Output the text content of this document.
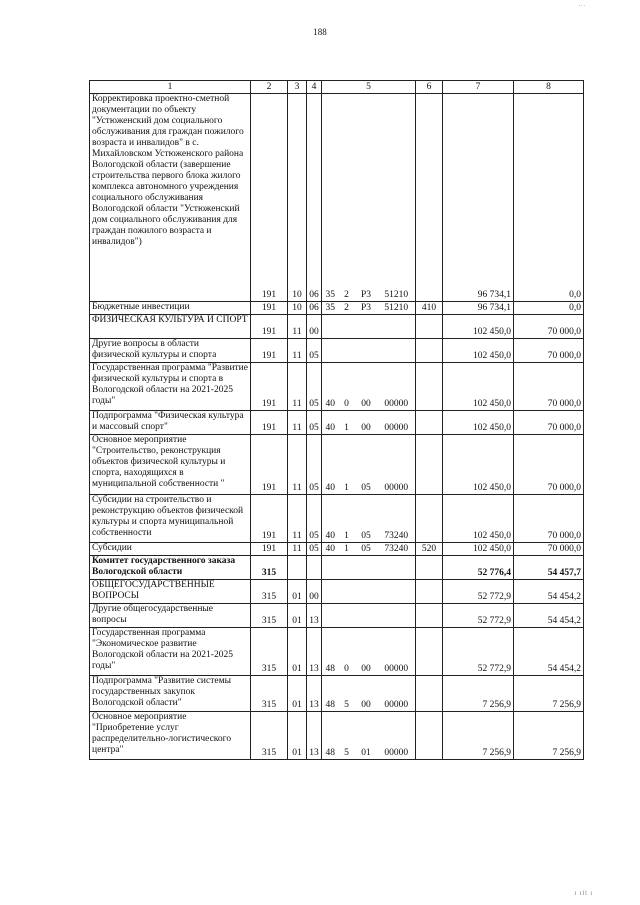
188
...
i ill i
1	2	3	4	5				6	7	8
Корректировка проектно-сметной документации по объекту "Устюженский дом социального обслуживания для граждан пожилого возраста и инвалидов" в с. Михайловском Устюженского района Вологодской области (завершение строительства первого блока жилого комплекса автономного учреждения социального обслуживания Вологодской области "Устюженский дом социального обслуживания для граждан пожилого возраста и инвалидов")	191	10	06	35	2	Р3	51210		96 734,1	0,0
Бюджетные инвестиции	191	10	06	35	2	Р3	51210	410	96 734,1	0,0
ФИЗИЧЕСКАЯ КУЛЬТУРА И СПОРТ	191	11	00						102 450,0	70 000,0
Другие вопросы в области физической культуры и спорта	191	11	05						102 450,0	70 000,0
Государственная программа "Развитие физической культуры и спорта в Вологодской области на 2021-2025 годы"	191	11	05	40	0	00	00000		102 450,0	70 000,0
Подпрограмма "Физическая культура и массовый спорт"	191	11	05	40	1	00	00000		102 450,0	70 000,0
Основное мероприятие "Строительство, реконструкция объектов физической культуры и спорта, находящихся в муниципальной собственности "	191	11	05	40	1	05	00000		102 450,0	70 000,0
Субсидии на строительство и реконструкцию объектов физической культуры и спорта муниципальной собственности	191	11	05	40	1	05	73240		102 450,0	70 000,0
Субсидии	191	11	05	40	1	05	73240	520	102 450,0	70 000,0
Комитет государственного заказа Вологодской области	315								52 776,4	54 457,7
ОБЩЕГОСУДАРСТВЕННЫЕ ВОПРОСЫ	315	01	00						52 772,9	54 454,2
Другие общегосударственные вопросы	315	01	13						52 772,9	54 454,2
Государственная программа "Экономическое развитие Вологодской области на 2021-2025 годы"	315	01	13	48	0	00	00000		52 772,9	54 454,2
Подпрограмма "Развитие системы государственных закупок Вологодской области"	315	01	13	48	5	00	00000		7 256,9	7 256,9
Основное мероприятие "Приобретение услуг распределительно-логистического центра"	315	01	13	48	5	01	00000		7 256,9	7 256,9
